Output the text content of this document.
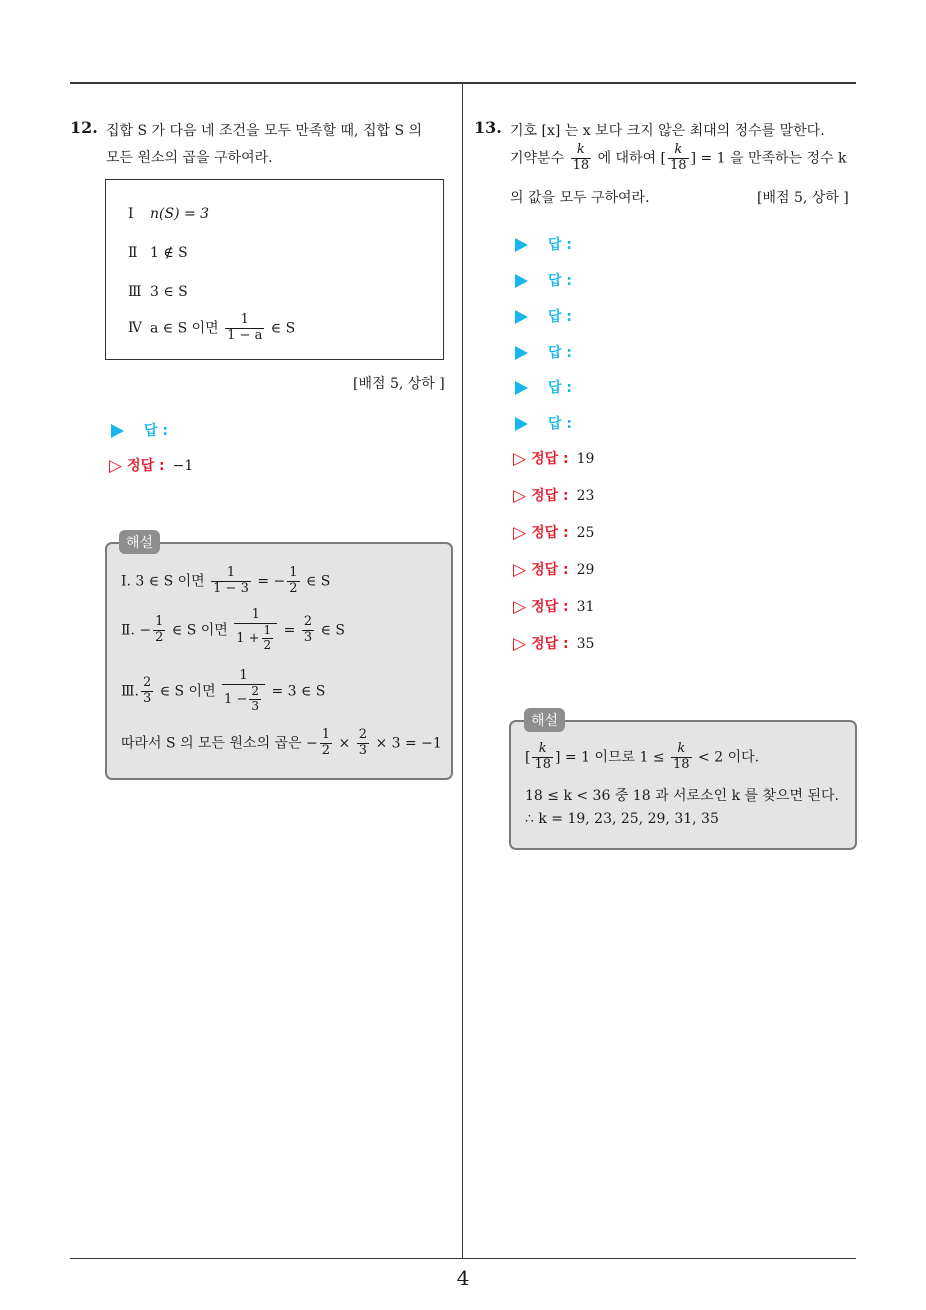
4
12. 집합 S 가 다음 네 조건을 모두 만족할 때, 집합 S 의
모든 원소의 곱을 구하여라.
Ⅰ n(S) = 3
Ⅱ 1 ∉ S
Ⅲ 3 ∈ S
Ⅳ a ∈ S 이면 $\frac{1}{1 - a}$ ∈ S
[배점 5, 상하 ]
답 :
▷ 정답 : −1
Ⅰ. 3 ∈ S 이면 $\frac{1}{1 - 3}$ = − $\frac{1}{2}$ ∈ S
Ⅱ. − $\frac{1}{2}$ ∈ S 이면 $\frac{1}{1 + \frac{1}{2}} = \frac{2}{3}$ ∈ S
Ⅲ. $\frac{2}{3}$ ∈ S 이면 $\frac{1}{1 - \frac{2}{3}} = 3$ ∈ S
따라서 S 의 모든 원소의 곱은 − $\frac{1}{2} \times \frac{2}{3} \times 3 = -1$
해설
13. 기호 [x] 는 x 보다 크지 않은 최대의 정수를 말한다.
기약분수 $\frac{k}{18}$ 에 대하여 [ $\frac{k}{18}$ ] = 1 을 만족하는 정수 k
의 값을 모두 구하여라.	[배점 5, 상하 ]
답 :
답 :
답 :
답 :
답 :
답 :
▷ 정답 : 19
▷ 정답 : 23
▷ 정답 : 25
▷ 정답 : 29
▷ 정답 : 31
▷ 정답 : 35
[ $\frac{k}{18}$ ] = 1 이므로 $1 \le \frac{k}{18} < 2$ 이다.
18 ≤ k < 36 중 18 과 서로소인 k 를 찾으면 된다.
∴ k = 19, 23, 25, 29, 31, 35
해설
